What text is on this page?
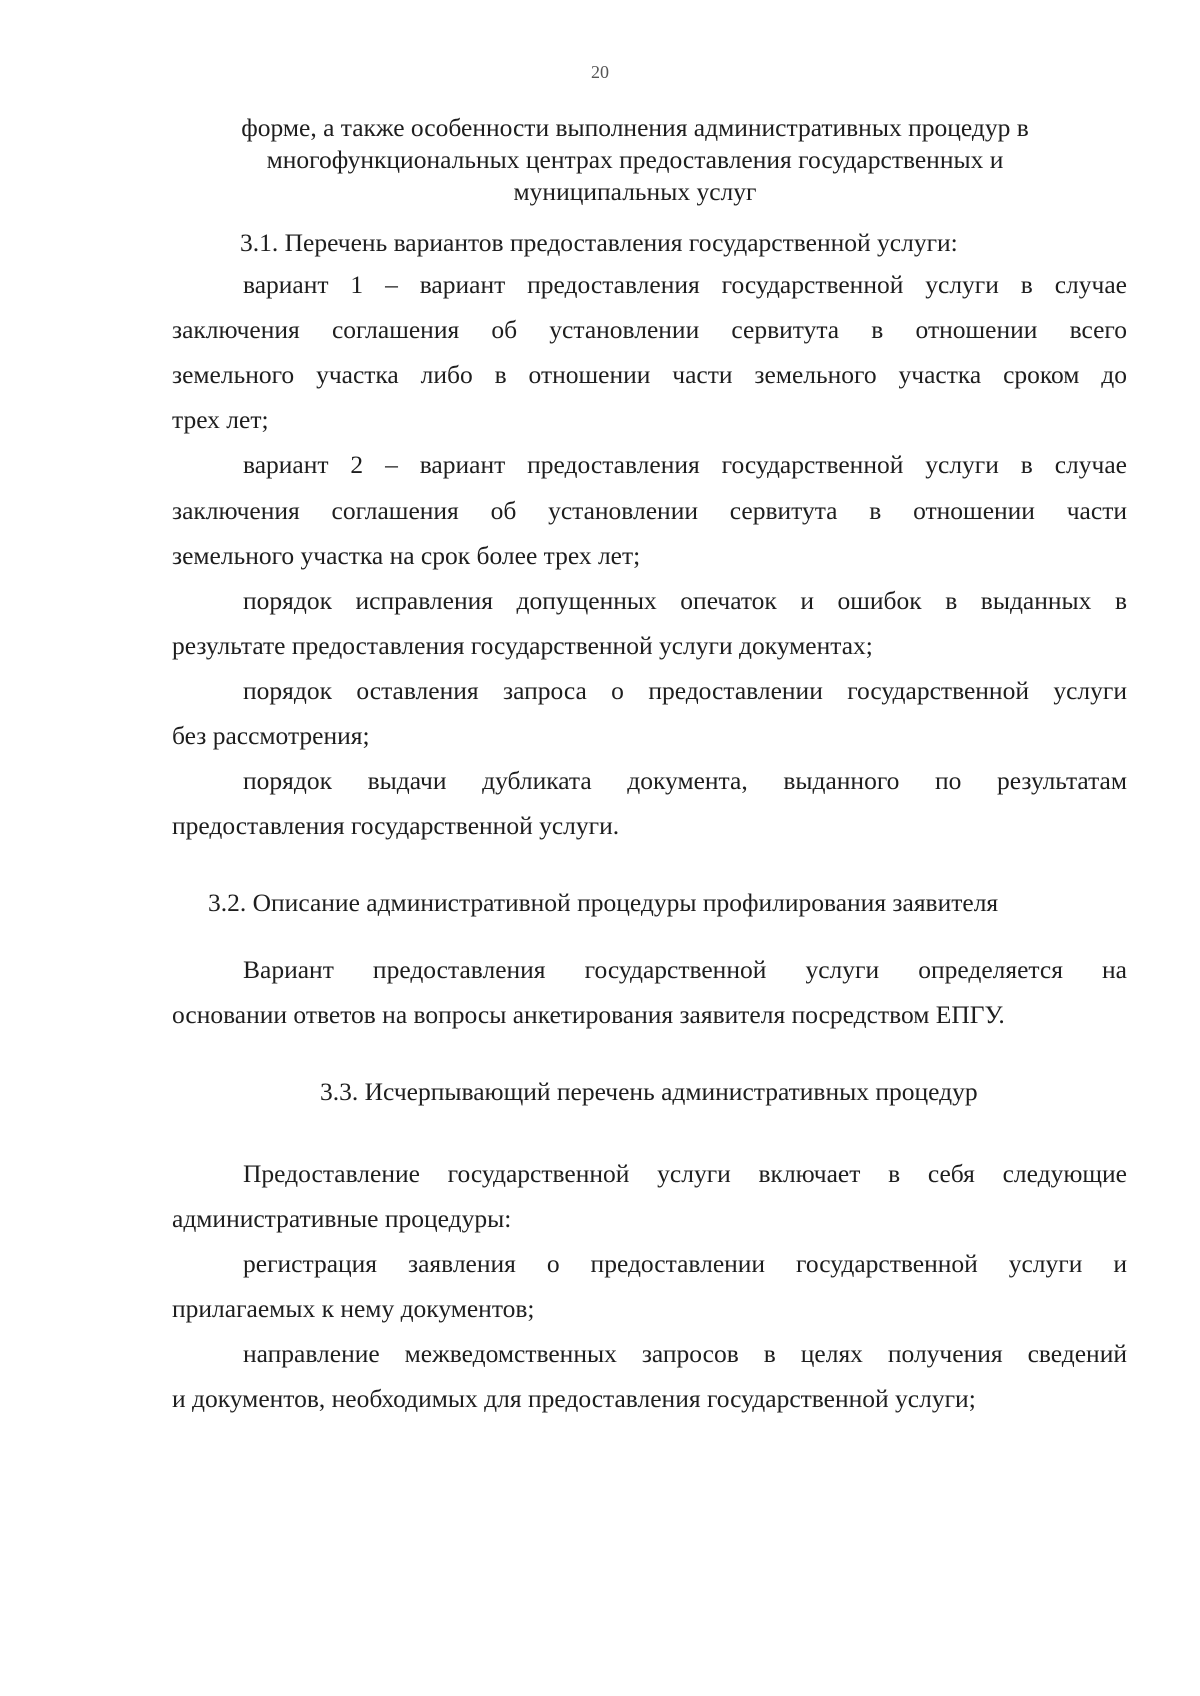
20
форме, а также особенности выполнения административных процедур в
многофункциональных центрах предоставления государственных и
муниципальных услуг
3.1. Перечень вариантов предоставления государственной услуги:
вариант 1 – вариант предоставления государственной услуги в случае
заключения соглашения об установлении сервитута в отношении всего
земельного участка либо в отношении части земельного участка сроком до
трех лет;
вариант 2 – вариант предоставления государственной услуги в случае
заключения соглашения об установлении сервитута в отношении части
земельного участка на срок более трех лет;
порядок исправления допущенных опечаток и ошибок в выданных в
результате предоставления государственной услуги документах;
порядок оставления запроса о предоставлении государственной услуги
без рассмотрения;
порядок выдачи дубликата документа, выданного по результатам
предоставления государственной услуги.
3.2. Описание административной процедуры профилирования заявителя
Вариант предоставления государственной услуги определяется на
основании ответов на вопросы анкетирования заявителя посредством ЕПГУ.
3.3. Исчерпывающий перечень административных процедур
Предоставление государственной услуги включает в себя следующие
административные процедуры:
регистрация заявления о предоставлении государственной услуги и
прилагаемых к нему документов;
направление межведомственных запросов в целях получения сведений
и документов, необходимых для предоставления государственной услуги;
